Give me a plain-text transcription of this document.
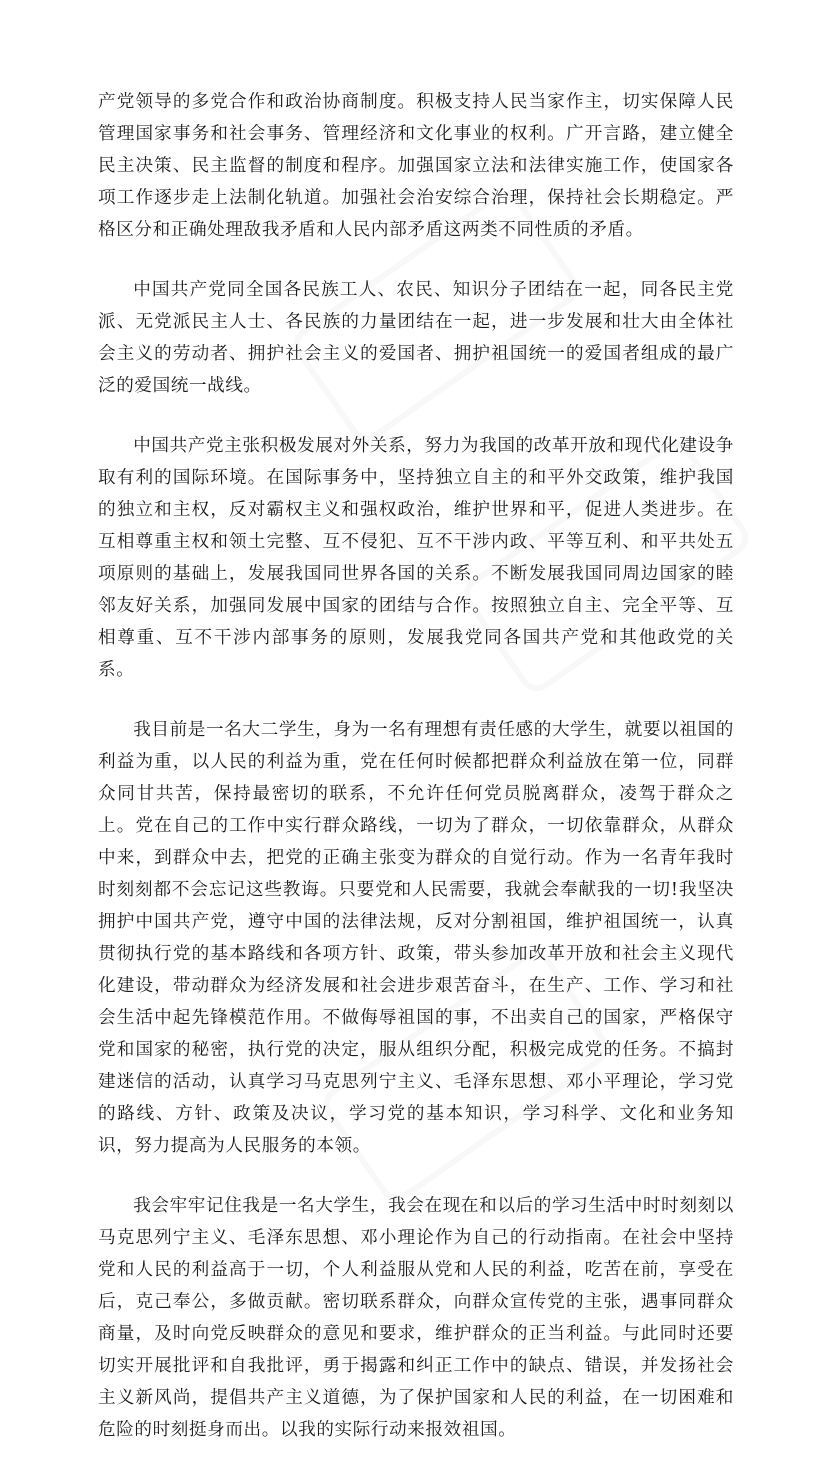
产党领导的多党合作和政治协商制度。积极支持人民当家作主，切实保障人民管理国家事务和社会事务、管理经济和文化事业的权利。广开言路，建立健全民主决策、民主监督的制度和程序。加强国家立法和法律实施工作，使国家各项工作逐步走上法制化轨道。加强社会治安综合治理，保持社会长期稳定。严格区分和正确处理敌我矛盾和人民内部矛盾这两类不同性质的矛盾。

中国共产党同全国各民族工人、农民、知识分子团结在一起，同各民主党派、无党派民主人士、各民族的力量团结在一起，进一步发展和壮大由全体社会主义的劳动者、拥护社会主义的爱国者、拥护祖国统一的爱国者组成的最广泛的爱国统一战线。

中国共产党主张积极发展对外关系，努力为我国的改革开放和现代化建设争取有利的国际环境。在国际事务中，坚持独立自主的和平外交政策，维护我国的独立和主权，反对霸权主义和强权政治，维护世界和平，促进人类进步。在互相尊重主权和领土完整、互不侵犯、互不干涉内政、平等互利、和平共处五项原则的基础上，发展我国同世界各国的关系。不断发展我国同周边国家的睦邻友好关系，加强同发展中国家的团结与合作。按照独立自主、完全平等、互相尊重、互不干涉内部事务的原则，发展我党同各国共产党和其他政党的关系。

我目前是一名大二学生，身为一名有理想有责任感的大学生，就要以祖国的利益为重，以人民的利益为重，党在任何时候都把群众利益放在第一位，同群众同甘共苦，保持最密切的联系，不允许任何党员脱离群众，凌驾于群众之上。党在自己的工作中实行群众路线，一切为了群众，一切依靠群众，从群众中来，到群众中去，把党的正确主张变为群众的自觉行动。作为一名青年我时时刻刻都不会忘记这些教诲。只要党和人民需要，我就会奉献我的一切!我坚决拥护中国共产党，遵守中国的法律法规，反对分割祖国，维护祖国统一，认真贯彻执行党的基本路线和各项方针、政策，带头参加改革开放和社会主义现代化建设，带动群众为经济发展和社会进步艰苦奋斗，在生产、工作、学习和社会生活中起先锋模范作用。不做侮辱祖国的事，不出卖自己的国家，严格保守党和国家的秘密，执行党的决定，服从组织分配，积极完成党的任务。不搞封建迷信的活动，认真学习马克思列宁主义、毛泽东思想、邓小平理论，学习党的路线、方针、政策及决议，学习党的基本知识，学习科学、文化和业务知识，努力提高为人民服务的本领。

我会牢牢记住我是一名大学生，我会在现在和以后的学习生活中时时刻刻以马克思列宁主义、毛泽东思想、邓小理论作为自己的行动指南。在社会中坚持党和人民的利益高于一切，个人利益服从党和人民的利益，吃苦在前，享受在后，克己奉公，多做贡献。密切联系群众，向群众宣传党的主张，遇事同群众商量，及时向党反映群众的意见和要求，维护群众的正当利益。与此同时还要切实开展批评和自我批评，勇于揭露和纠正工作中的缺点、错误，并发扬社会主义新风尚，提倡共产主义道德，为了保护国家和人民的利益，在一切困难和危险的时刻挺身而出。以我的实际行动来报效祖国。
